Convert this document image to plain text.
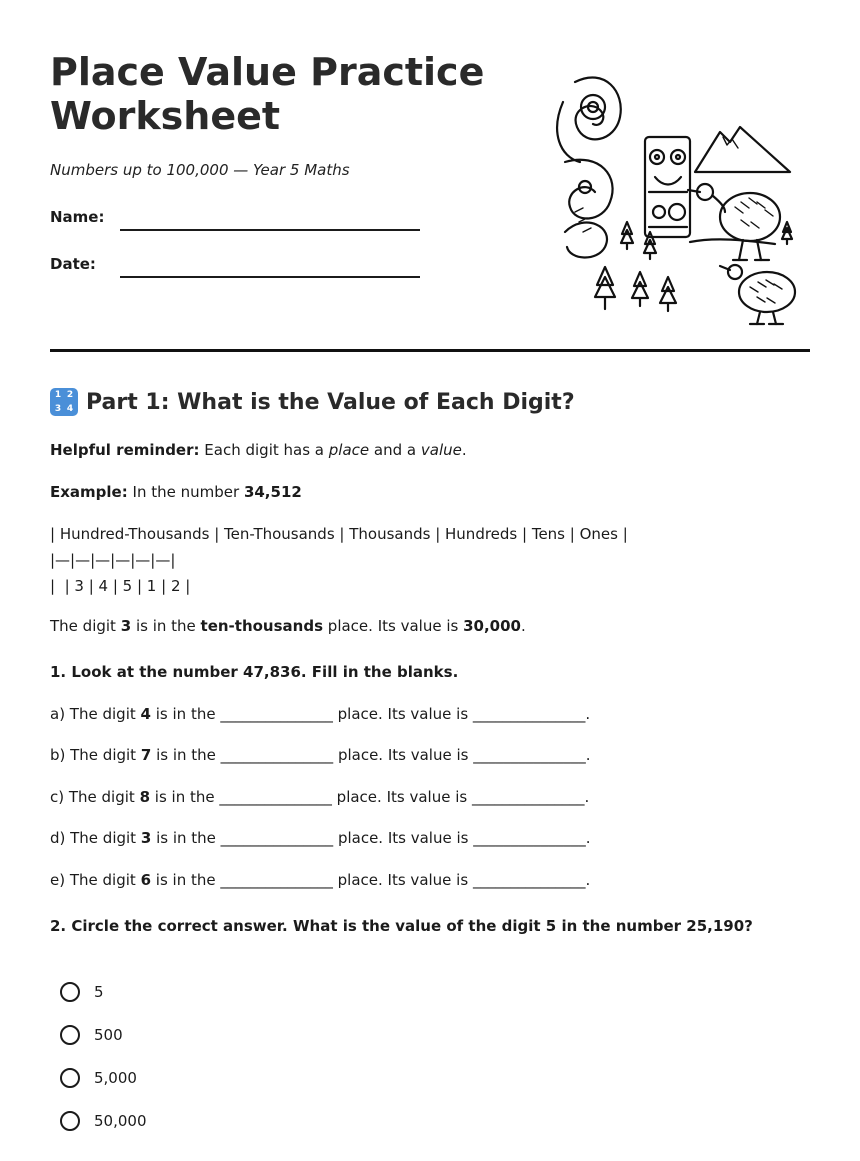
Place Value Practice Worksheet
Numbers up to 100,000 — Year 5 Maths
Name:
Date:
1 2
3 4 Part 1: What is the Value of Each Digit?
Helpful reminder: Each digit has a place and a value.
Example: In the number 34,512
| Hundred-Thousands | Ten-Thousands | Thousands | Hundreds | Tens | Ones |
|—|—|—|—|—|—|
|  | 3 | 4 | 5 | 1 | 2 |
The digit 3 is in the ten-thousands place. Its value is 30,000.
1. Look at the number 47,836. Fill in the blanks.
a) The digit 4 is in the _______________ place. Its value is _______________.
b) The digit 7 is in the _______________ place. Its value is _______________.
c) The digit 8 is in the _______________ place. Its value is _______________.
d) The digit 3 is in the _______________ place. Its value is _______________.
e) The digit 6 is in the _______________ place. Its value is _______________.
2. Circle the correct answer. What is the value of the digit 5 in the number 25,190?
5
500
5,000
50,000
